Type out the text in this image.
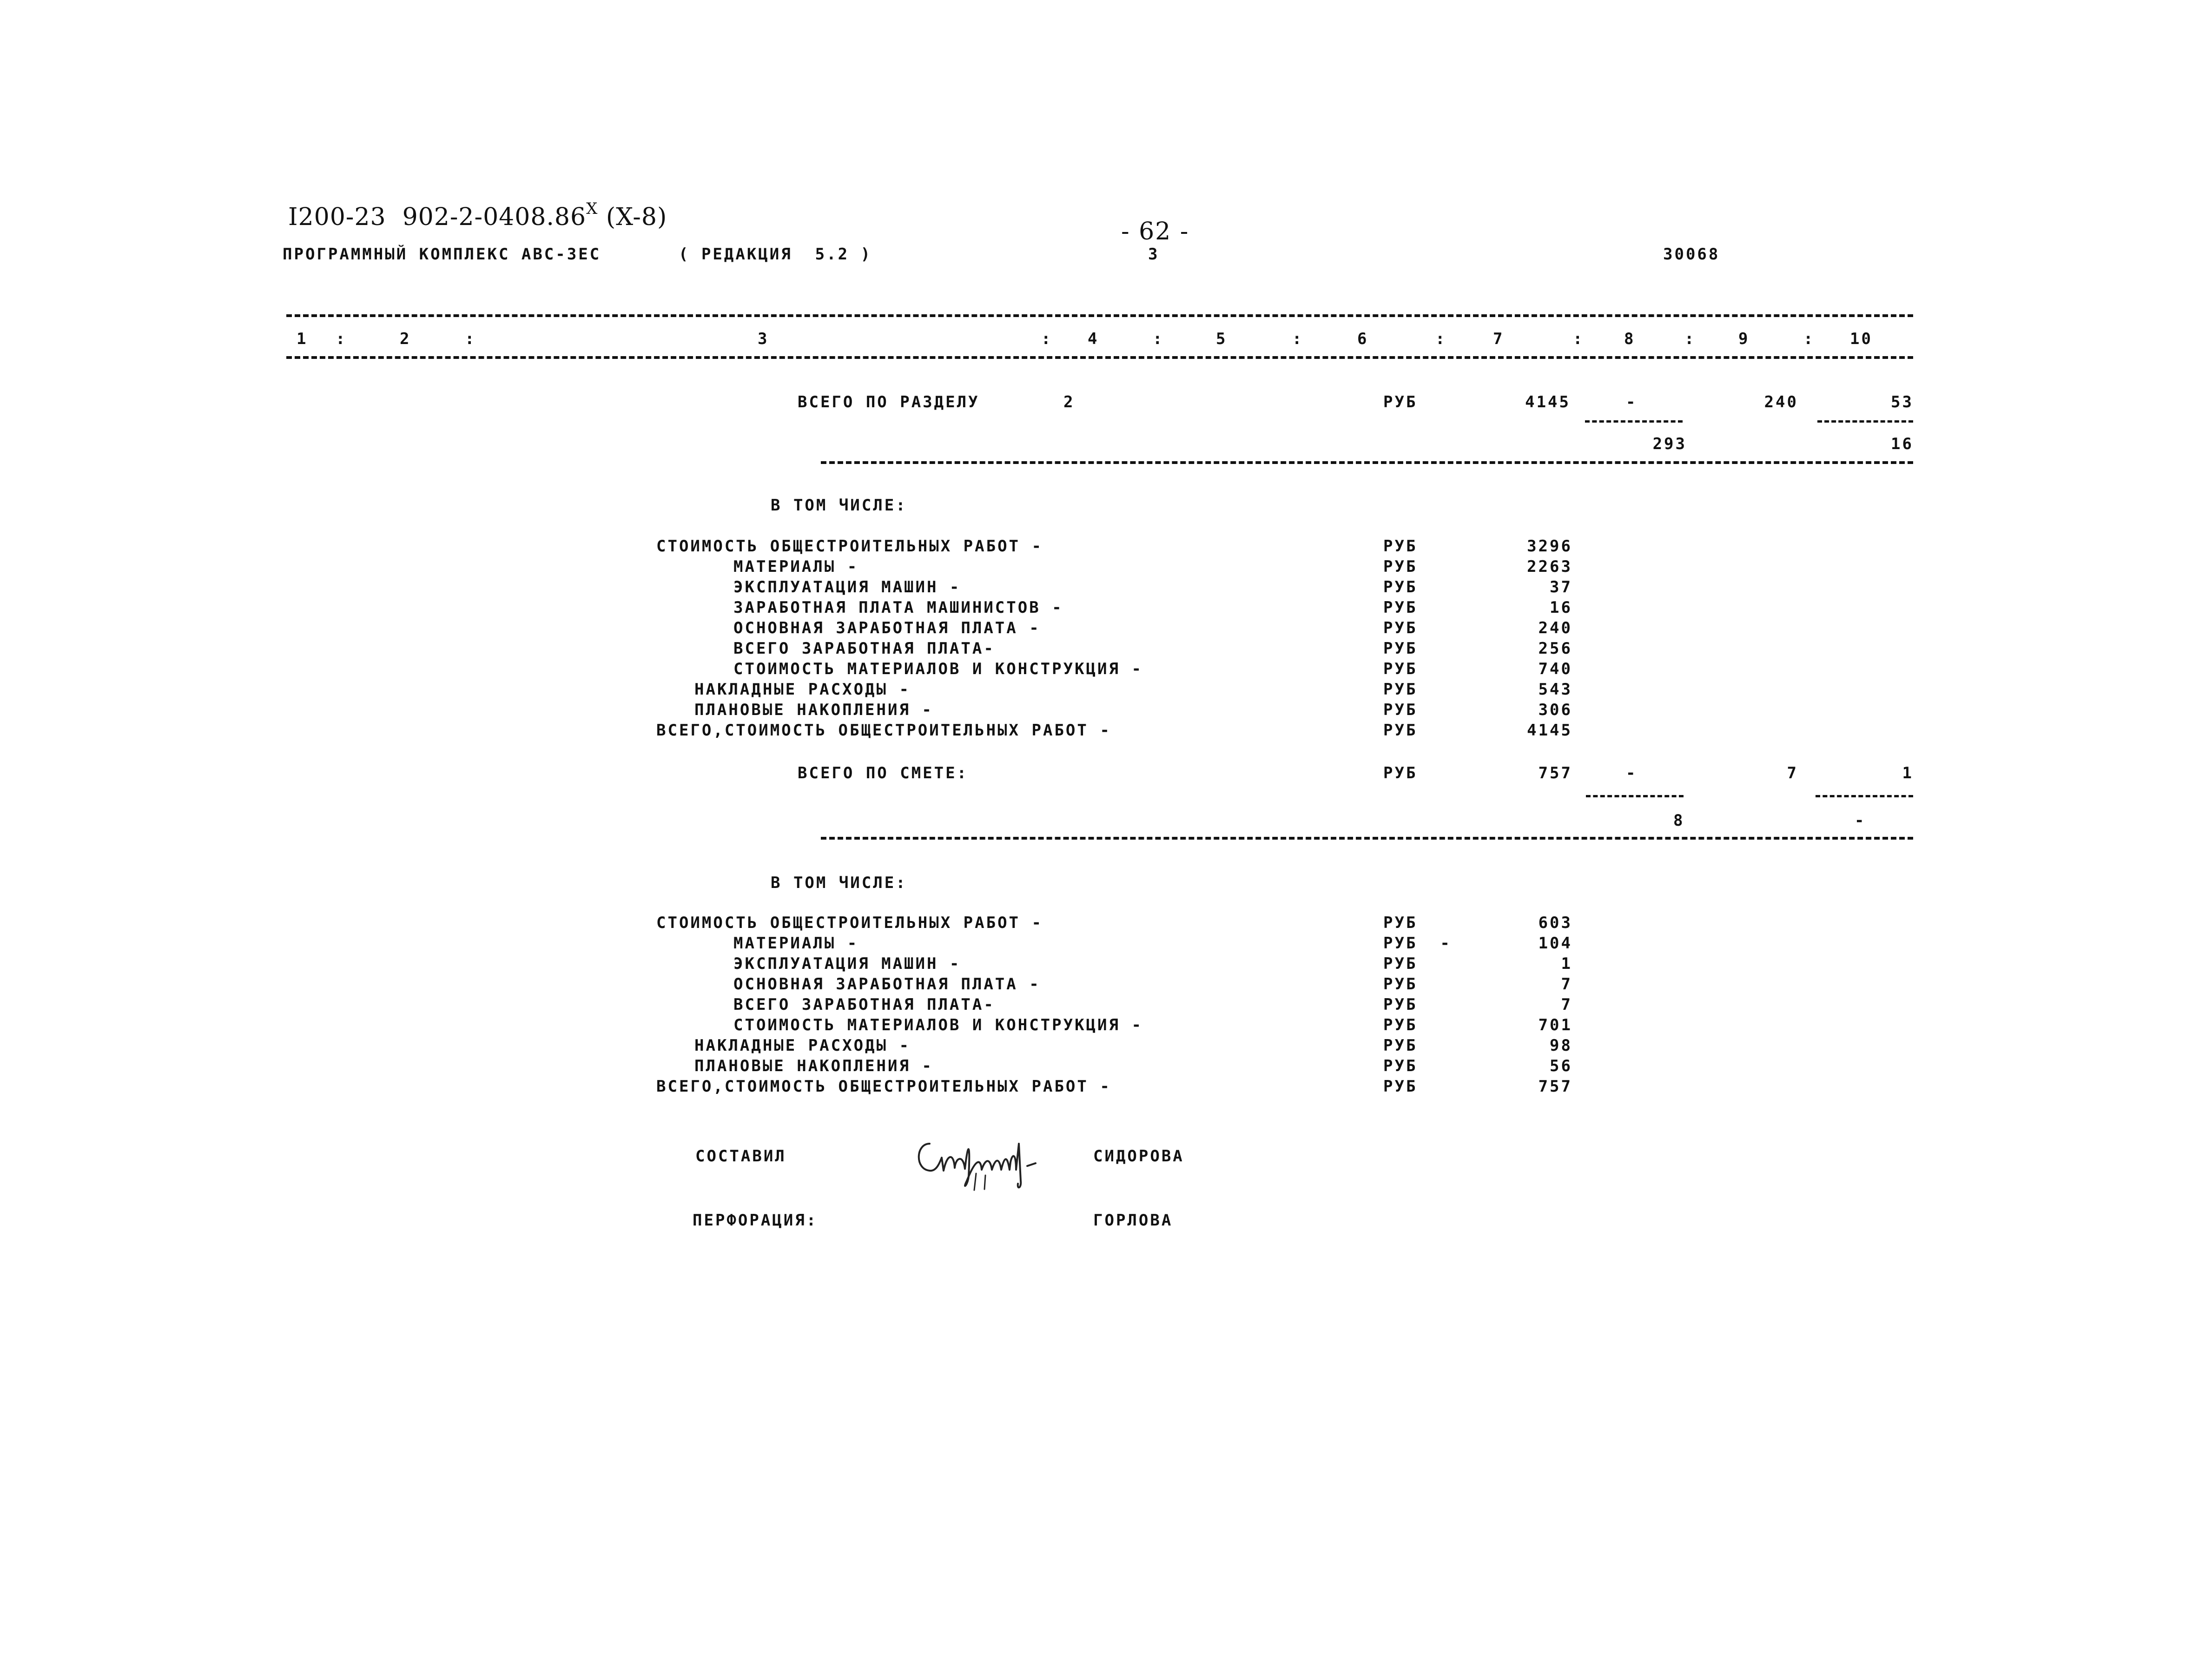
I200-23  $902-2-0408.86^X$ (X-8)
- 62 -
ПРОГРАММНЫЙ КОМПЛЕКС АВС-3ЕС	( РЕДАКЦИЯ  5.2 )	3	30068
1 :	2	:	3	: 4	:	5	:	6	:	7	:	8	:	9	: 10
ВСЕГО ПО РАЗДЕЛУ	2	РУБ	4145	-	240	53
293	16
В ТОМ ЧИСЛЕ:
СТОИМОСТЬ ОБЩЕСТРОИТЕЛЬНЫХ РАБОТ -	РУБ	3296
МАТЕРИАЛЫ -	РУБ	2263
ЭКСПЛУАТАЦИЯ МАШИН -	РУБ	37
ЗАРАБОТНАЯ ПЛАТА МАШИНИСТОВ -	РУБ	16
ОСНОВНАЯ ЗАРАБОТНАЯ ПЛАТА -	РУБ	240
ВСЕГО ЗАРАБОТНАЯ ПЛАТА-	РУБ	256
СТОИМОСТЬ МАТЕРИАЛОВ И КОНСТРУКЦИЯ -	РУБ	740
НАКЛАДНЫЕ РАСХОДЫ -	РУБ	543
ПЛАНОВЫЕ НАКОПЛЕНИЯ -	РУБ	306
ВСЕГО,СТОИМОСТЬ ОБЩЕСТРОИТЕЛЬНЫХ РАБОТ -	РУБ	4145
ВСЕГО ПО СМЕТЕ:	РУБ	757	-	7	1
8	-
В ТОМ ЧИСЛЕ:
СТОИМОСТЬ ОБЩЕСТРОИТЕЛЬНЫХ РАБОТ -	РУБ	603
МАТЕРИАЛЫ -	РУБ  -	104
ЭКСПЛУАТАЦИЯ МАШИН -	РУБ	1
ОСНОВНАЯ ЗАРАБОТНАЯ ПЛАТА -	РУБ	7
ВСЕГО ЗАРАБОТНАЯ ПЛАТА-	РУБ	7
СТОИМОСТЬ МАТЕРИАЛОВ И КОНСТРУКЦИЯ -	РУБ	701
НАКЛАДНЫЕ РАСХОДЫ -	РУБ	98
ПЛАНОВЫЕ НАКОПЛЕНИЯ -	РУБ	56
ВСЕГО,СТОИМОСТЬ ОБЩЕСТРОИТЕЛЬНЫХ РАБОТ -	РУБ	757
СОСТАВИЛ	СИДОРОВА
ПЕРФОРАЦИЯ:	ГОРЛОВА
